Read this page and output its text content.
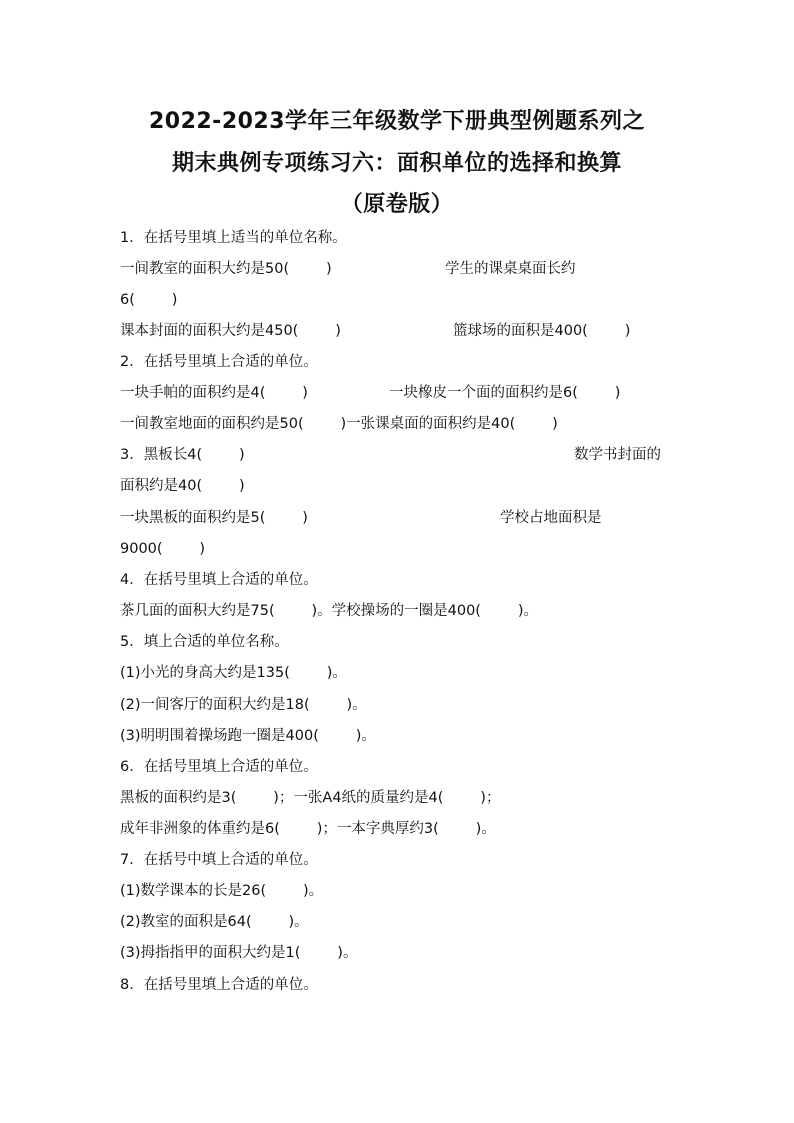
2022-2023学年三年级数学下册典型例题系列之
期末典例专项练习六：面积单位的选择和换算
（原卷版）
1．在括号里填上适当的单位名称。
一间教室的面积大约是50(        )	学生的课桌桌面长约
6(        )
课本封面的面积大约是450(        )	篮球场的面积是400(        )
2．在括号里填上合适的单位。
一块手帕的面积约是4(        )	一块橡皮一个面的面积约是6(        )
一间教室地面的面积约是50(        )一张课桌面的面积约是40(        )
3．黑板长4(        )	数学书封面的
面积约是40(        )
一块黑板的面积约是5(        )	学校占地面积是
9000(        )
4．在括号里填上合适的单位。
茶几面的面积大约是75(        )。学校操场的一圈是400(        )。
5．填上合适的单位名称。
(1)小光的身高大约是135(        )。
(2)一间客厅的面积大约是18(        )。
(3)明明围着操场跑一圈是400(        )。
6．在括号里填上合适的单位。
黑板的面积约是3(        )；一张A4纸的质量约是4(        )；
成年非洲象的体重约是6(        )；一本字典厚约3(        )。
7．在括号中填上合适的单位。
(1)数学课本的长是26(        )。
(2)教室的面积是64(        )。
(3)拇指指甲的面积大约是1(        )。
8．在括号里填上合适的单位。
